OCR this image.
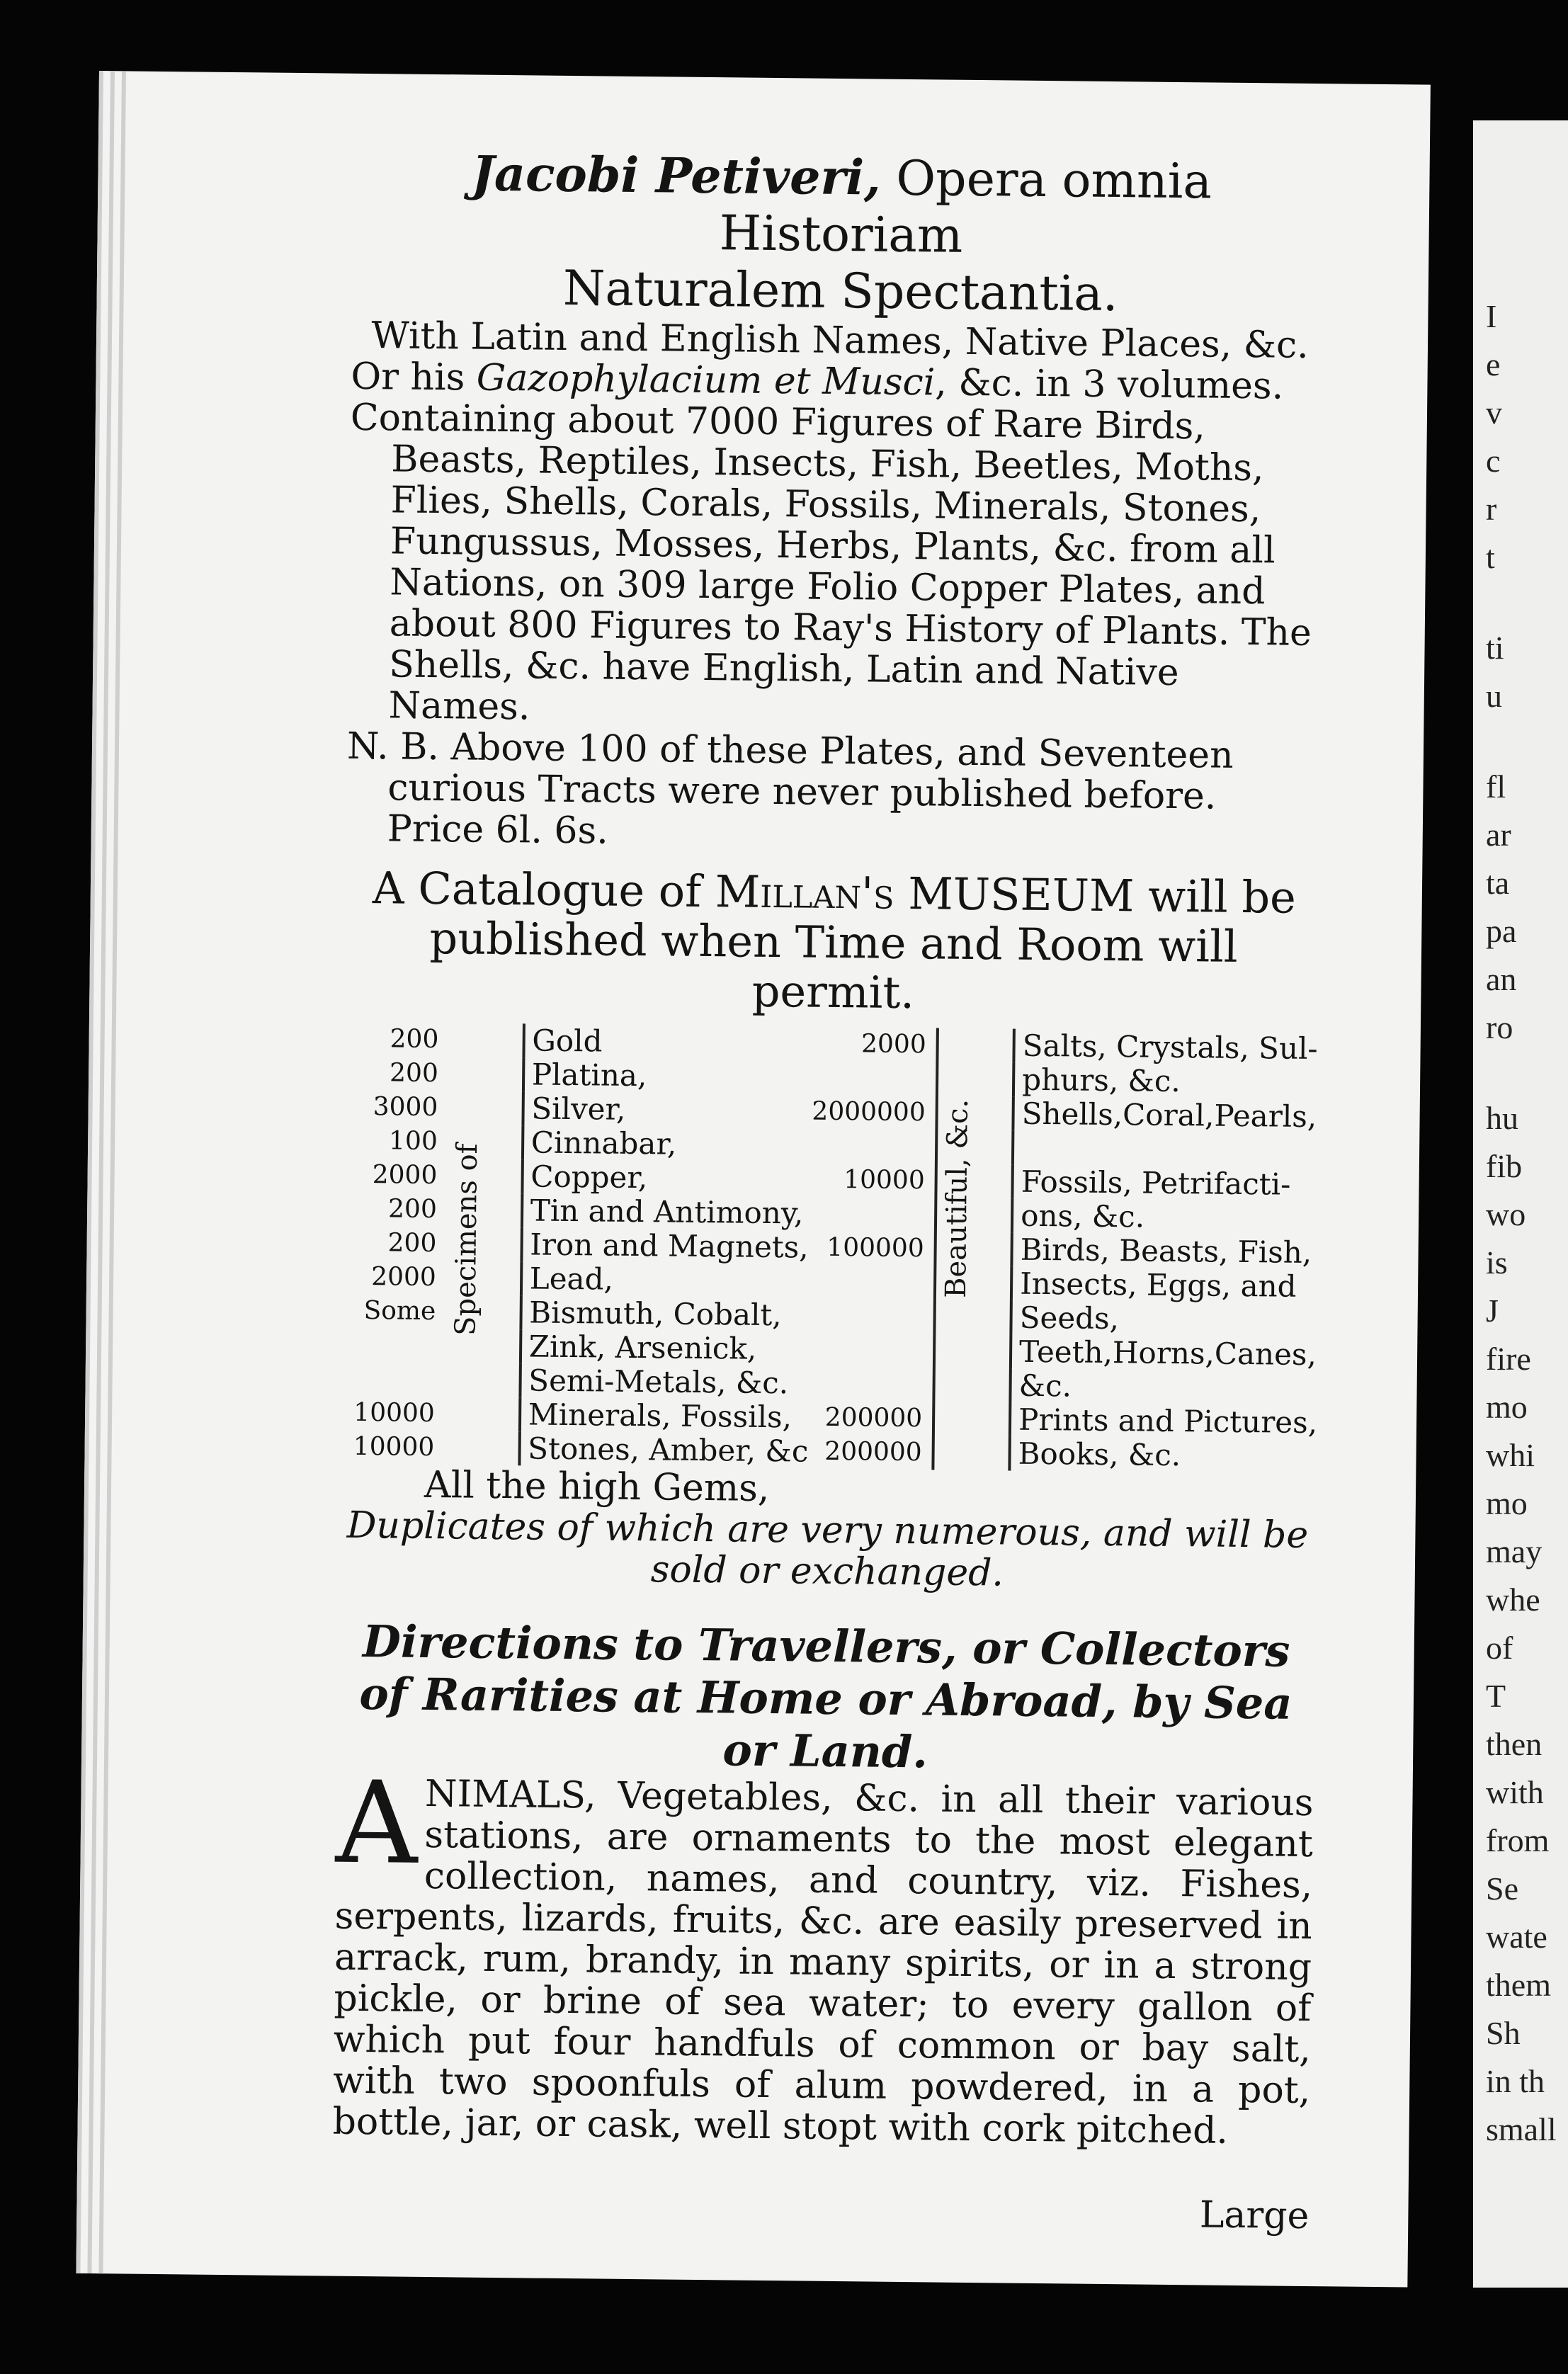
I
e
v
c
r
t
ti
u
fl
ar
ta
pa
an
ro
hu
fib
wo
is
J
fire
mo
whi
mo
may
whe
of
T
then
with
from
Se
wate
them
Sh
in th
small
Jacobi Petiveri, Opera omnia Historiam
Naturalem Spectantia.

With Latin and English Names, Native Places, &c.

Or his Gazophylacium et Musci, &c. in 3 volumes.

Containing about 7000 Figures of Rare Birds, Beasts, Reptiles, Insects, Fish, Beetles, Moths, Flies, Shells, Corals, Fossils, Minerals, Stones, Fungussus, Mosses, Herbs, Plants, &c. from all Nations, on 309 large Folio Copper Plates, and about 800 Figures to Ray's History of Plants. The Shells, &c. have English, Latin and Native Names.

N. B. Above 100 of these Plates, and Seventeen curious Tracts were never published before. Price 6l. 6s.

A Catalogue of Millan's MUSEUM will be published when Time and Room will permit.

200	Specimens of	Gold	2000	Beautiful, &c.	Salts, Crystals, Sul-
200		Platina,			phurs, &c.
3000		Silver,	2000000		Shells,Coral,Pearls,
100		Cinnabar,			
2000		Copper,	10000		Fossils, Petrifacti-
200		Tin and Antimony,			ons, &c.
200		Iron and Magnets,	100000		Birds, Beasts, Fish,
2000		Lead,			Insects, Eggs, and
Some		Bismuth, Cobalt,			Seeds,
		Zink, Arsenick,			Teeth,Horns,Canes,
		Semi-Metals, &c.			&c.
10000		Minerals, Fossils,	200000		Prints and Pictures,
10000		Stones, Amber, &c	200000		Books, &c.

All the high Gems,

Duplicates of which are very numerous, and will be sold or exchanged.

Directions to Travellers, or Collectors of Rarities at Home or Abroad, by Sea or Land.

ANIMALS, Vegetables, &c. in all their various stations, are ornaments to the most elegant collection, names, and country, viz. Fishes, serpents, lizards, fruits, &c. are easily preserved in arrack, rum, brandy, in many spirits, or in a strong pickle, or brine of sea water; to every gallon of which put four handfuls of common or bay salt, with two spoonfuls of alum powdered, in a pot, bottle, jar, or cask, well stopt with cork pitched.

Large
